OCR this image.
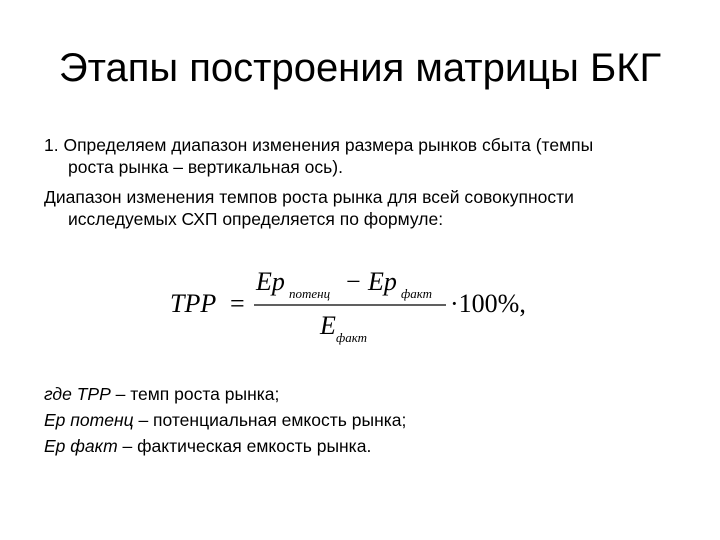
Этапы построения матрицы БКГ
1. Определяем диапазон изменения размера рынков сбыта (темпы
роста рынка – вертикальная ось).
Диапазон изменения темпов роста рынка для всей совокупности
исследуемых СХП определяется по формуле:
TPP =
Ep потенц − Ep факт
E факт
·100%,
где ТРР – темп роста рынка;
Ер потенц – потенциальная емкость рынка;
Ер факт – фактическая емкость рынка.
